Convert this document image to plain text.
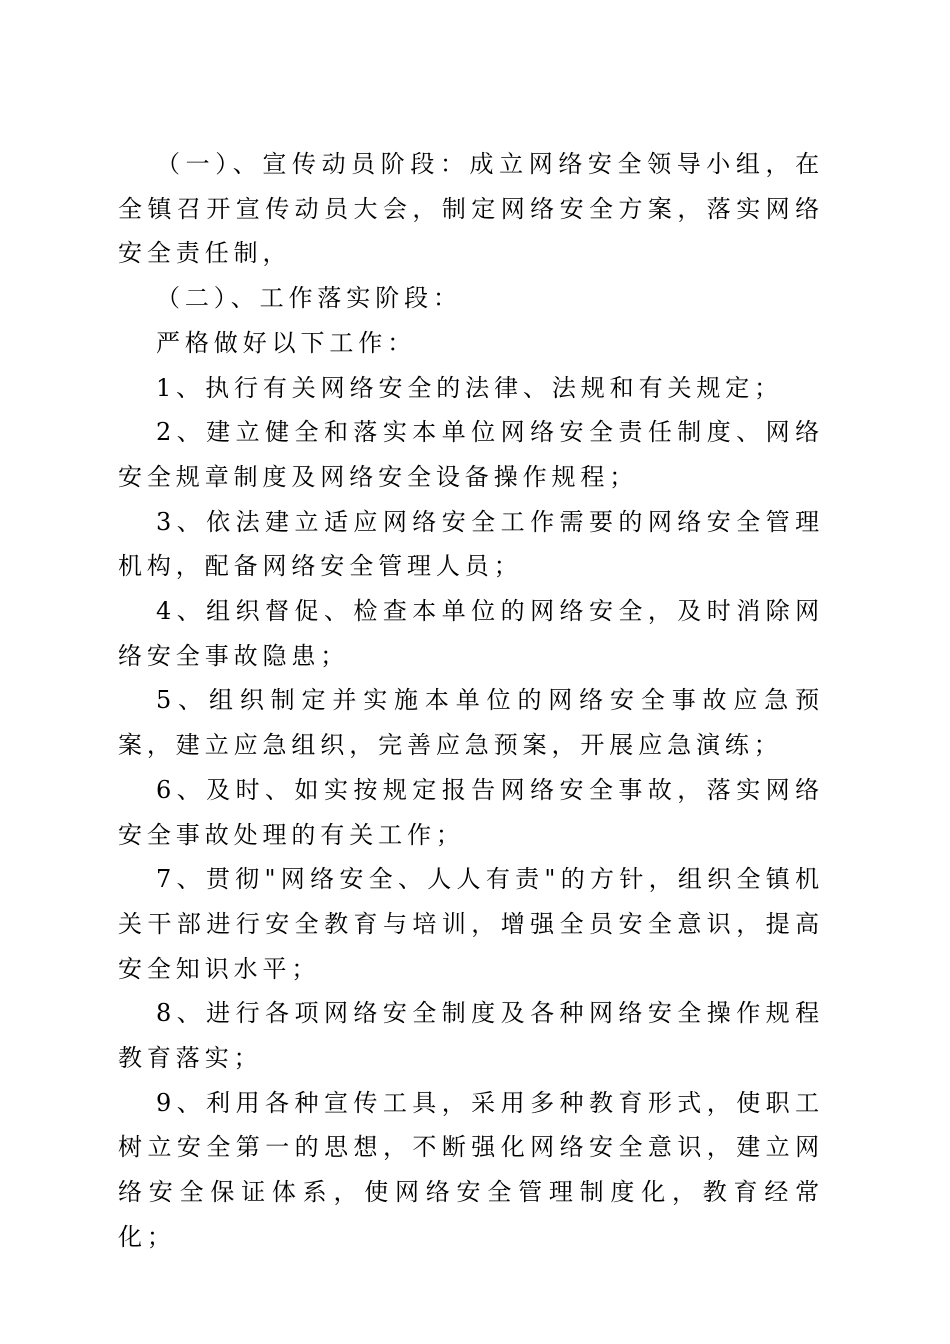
（一）、宣传动员阶段：成立网络安全领导小组，在全镇召开宣传动员大会，制定网络安全方案，落实网络安全责任制，

（二）、工作落实阶段：

严格做好以下工作：

1、执行有关网络安全的法律、法规和有关规定；

2、建立健全和落实本单位网络安全责任制度、网络安全规章制度及网络安全设备操作规程；

3、依法建立适应网络安全工作需要的网络安全管理机构，配备网络安全管理人员；

4、组织督促、检查本单位的网络安全，及时消除网络安全事故隐患；

5、组织制定并实施本单位的网络安全事故应急预案，建立应急组织，完善应急预案，开展应急演练；

6、及时、如实按规定报告网络安全事故，落实网络安全事故处理的有关工作；

7、贯彻"网络安全、人人有责"的方针，组织全镇机关干部进行安全教育与培训，增强全员安全意识，提高安全知识水平；

8、进行各项网络安全制度及各种网络安全操作规程教育落实；

9、利用各种宣传工具，采用多种教育形式，使职工树立安全第一的思想，不断强化网络安全意识，建立网络安全保证体系，使网络安全管理制度化，教育经常化；
